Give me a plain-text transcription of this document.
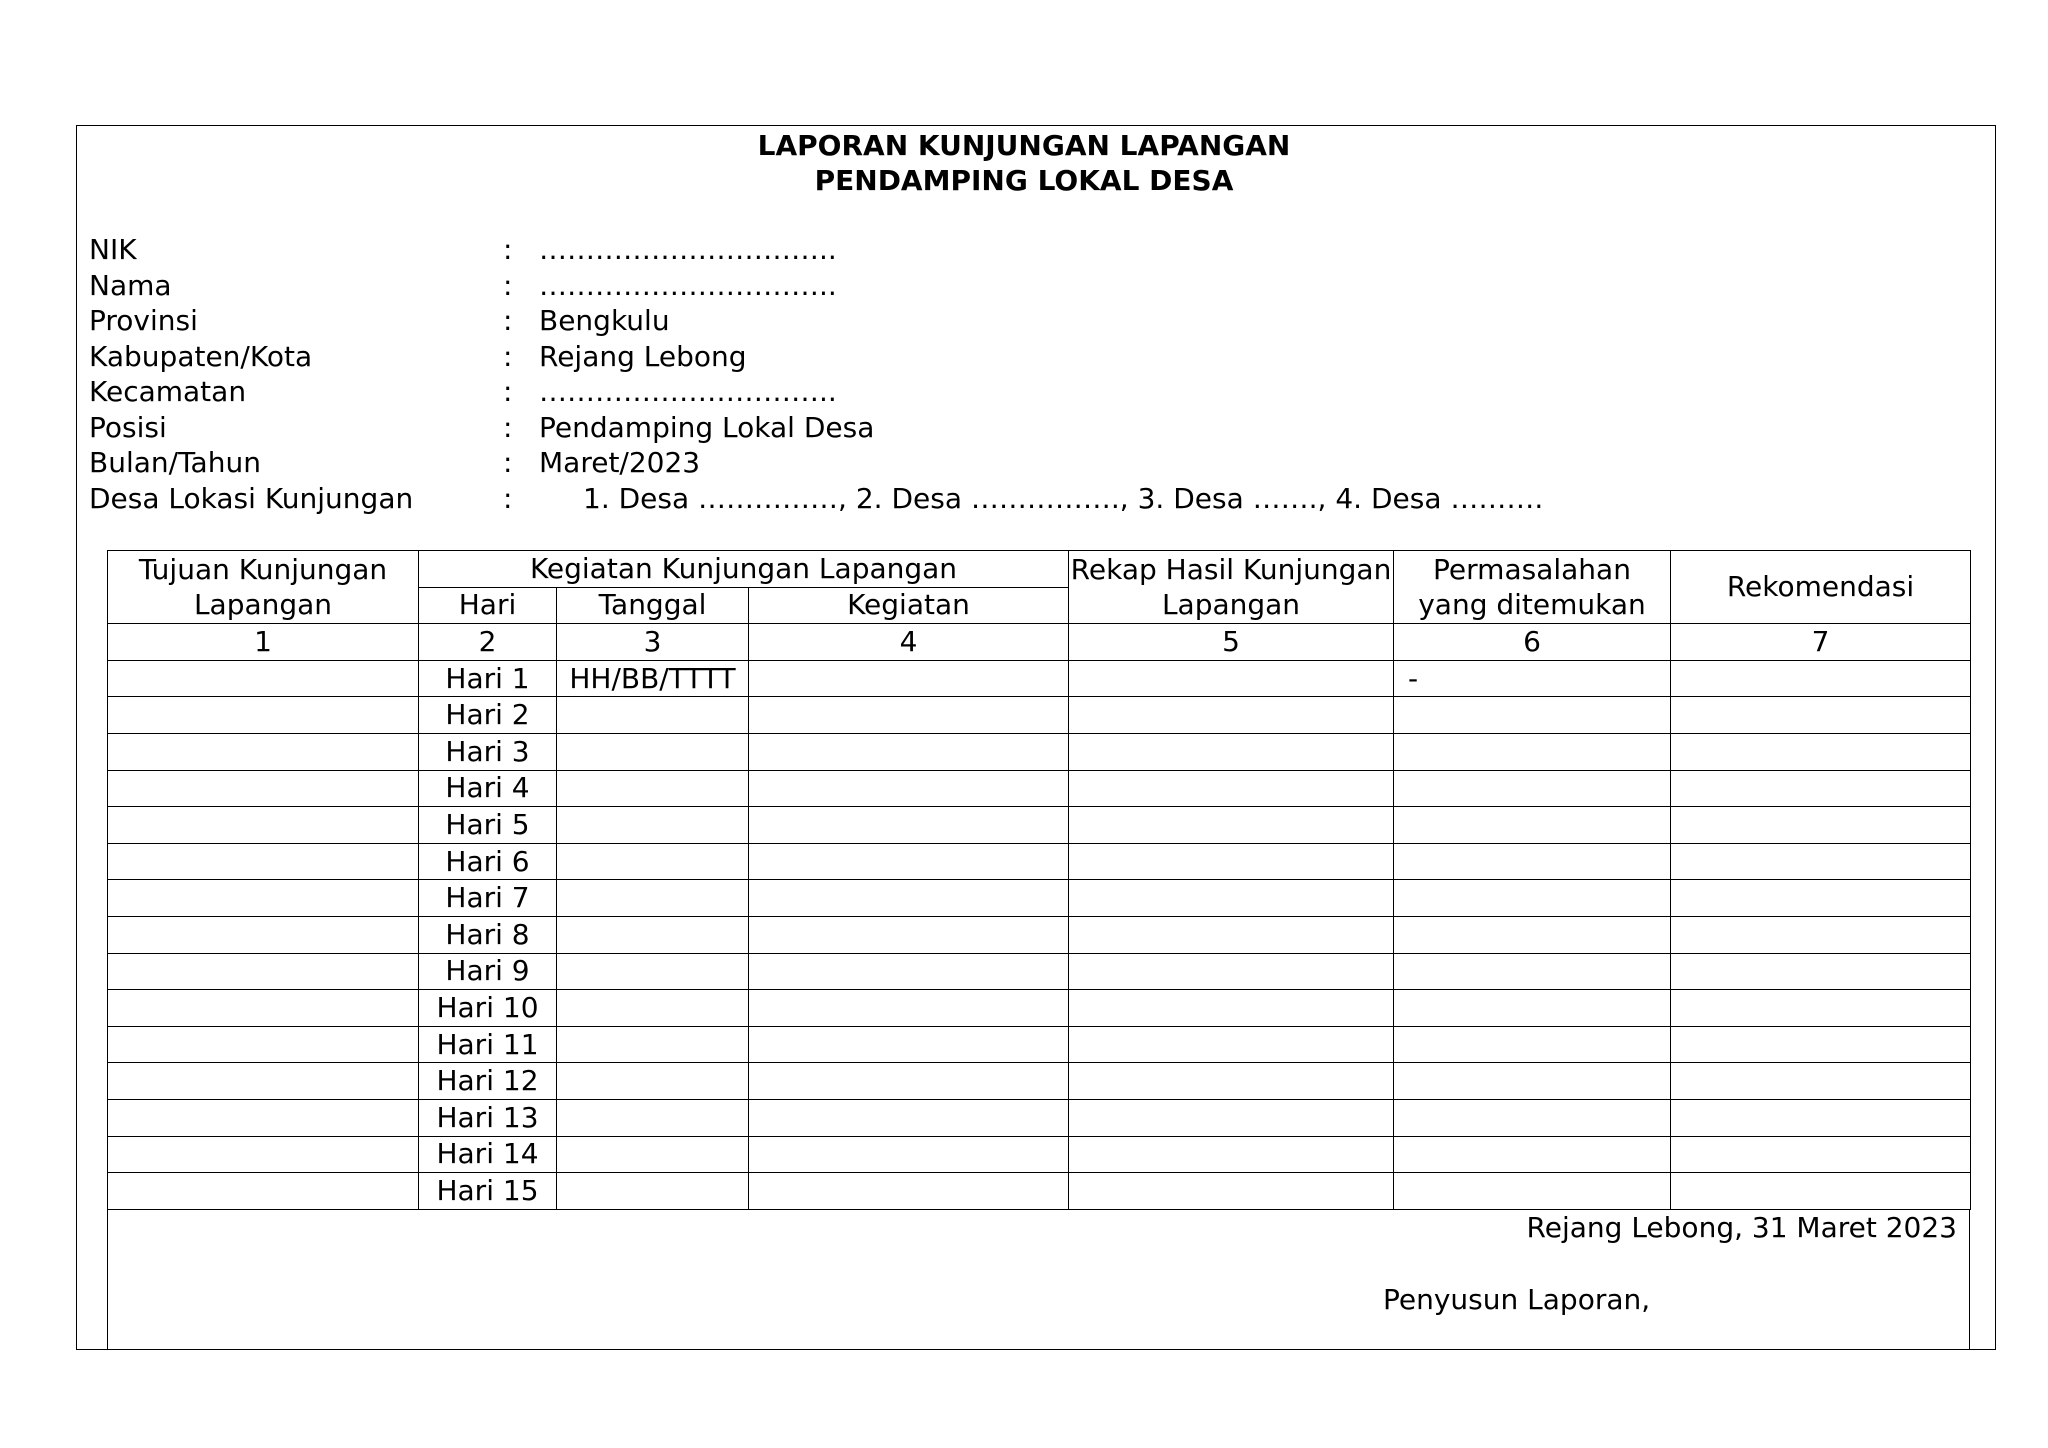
LAPORAN KUNJUNGAN LAPANGAN
PENDAMPING LOKAL DESA
NIK	: …………………………..
Nama	: …………………………..
Provinsi	: Bengkulu
Kabupaten/Kota	: Rejang Lebong
Kecamatan	: …………………………..
Posisi	: Pendamping Lokal Desa
Bulan/Tahun	: Maret/2023
Desa Lokasi Kunjungan	:	1. Desa ……………, 2. Desa ……………., 3. Desa ……., 4. Desa ……….
Tujuan Kunjungan Lapangan	Kegiatan Kunjungan Lapangan			Rekap Hasil Kunjungan Lapangan	Permasalahan yang ditemukan	Rekomendasi
	Hari	Tanggal	Kegiatan			
1	2	3	4	5	6	7
	Hari 1	HH/BB/TTTT			-	
	Hari 2					
	Hari 3					
	Hari 4					
	Hari 5					
	Hari 6					
	Hari 7					
	Hari 8					
	Hari 9					
	Hari 10					
	Hari 11					
	Hari 12					
	Hari 13					
	Hari 14					
	Hari 15					
Rejang Lebong, 31 Maret 2023
Penyusun Laporan,
